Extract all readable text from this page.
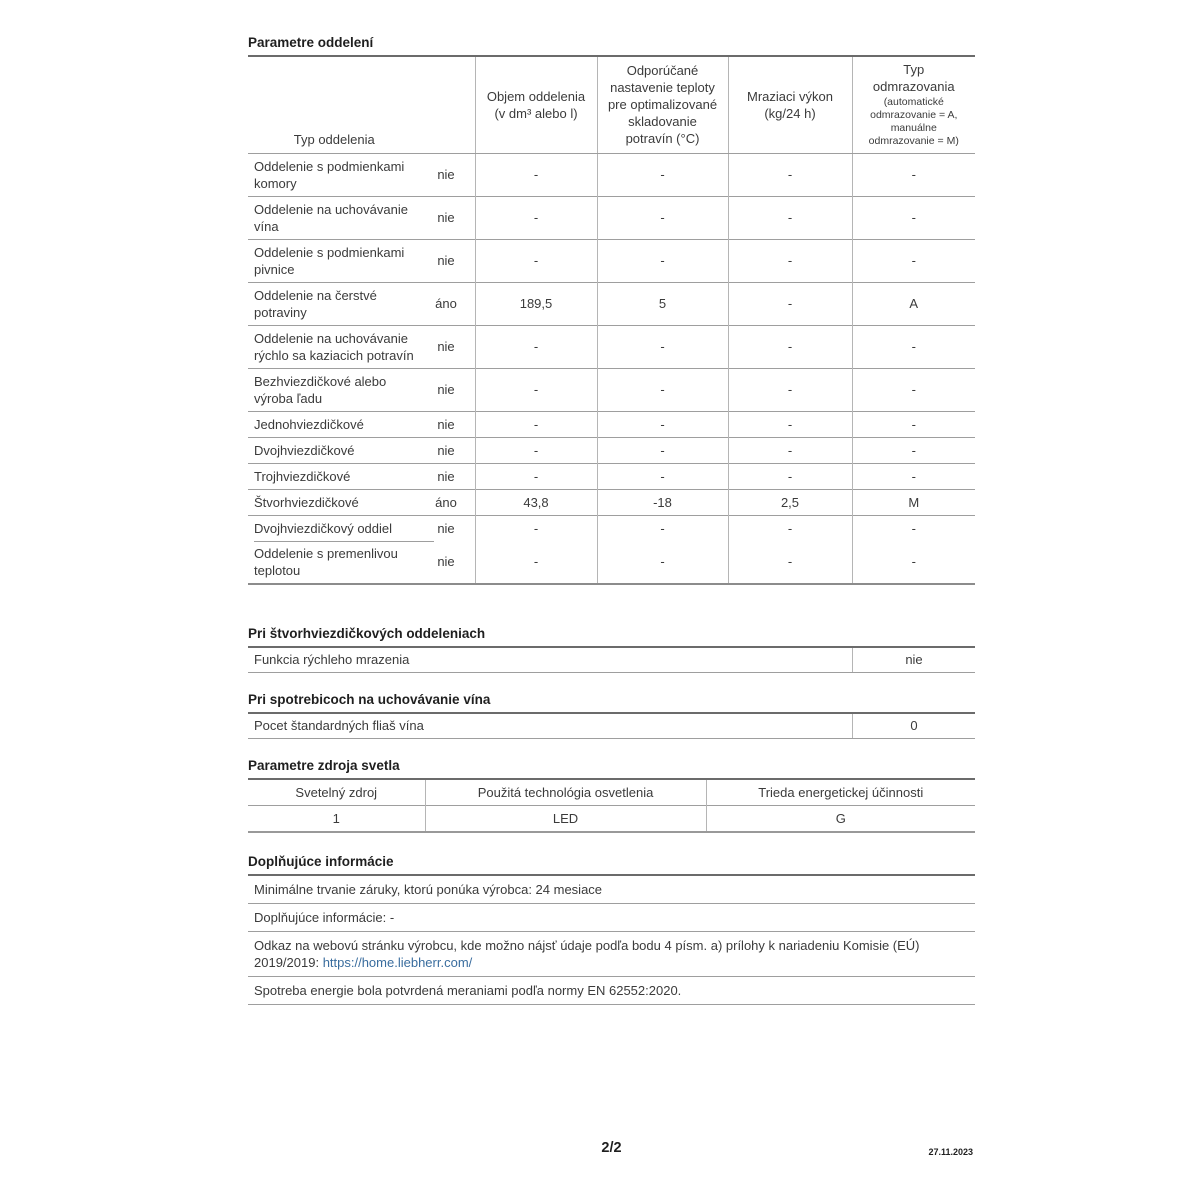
Parametre oddelení
Typ oddelenia	Objem oddelenia (v dm³ alebo l)	Odporúčané nastavenie teploty pre optimalizované skladovanie potravín (°C)	Mraziaci výkon (kg/24 h)	Typ odmrazovania
(automatické odmrazovanie = A, manuálne odmrazovanie = M)

Oddelenie s podmienkami komory
nie	-	-	-	-

Oddelenie na uchovávanie vína
nie	-	-	-	-

Oddelenie s podmienkami pivnice
nie	-	-	-	-

Oddelenie na čerstvé potraviny
áno	189,5	5	-	A

Oddelenie na uchovávanie rýchlo sa kaziacich potravín
nie	-	-	-	-

Bezhviezdičkové alebo výroba ľadu
nie	-	-	-	-

Jednohviezdičkové nie	-	-	-	-

Dvojhviezdičkové nie	-	-	-	-

Trojhviezdičkové nie	-	-	-	-

Štvorhviezdičkové áno	43,8	-18	2,5	M

Dvojhviezdičkový oddiel nie	-	-	-	-

Oddelenie s premenlivou teplotou
nie	-	-	-	-
Pri štvorhviezdičkových oddeleniach
Funkcia rýchleho mrazenia	nie
Pri spotrebicoch na uchovávanie vína
Pocet štandardných fliaš vína	0
Parametre zdroja svetla
Svetelný zdroj	Použitá technológia osvetlenia	Trieda energetickej účinnosti
1	LED	G
Doplňujúce informácie
Minimálne trvanie záruky, ktorú ponúka výrobca: 24 mesiace
Doplňujúce informácie: -
Odkaz na webovú stránku výrobcu, kde možno nájsť údaje podľa bodu 4 písm. a) prílohy k nariadeniu Komisie (EÚ) 2019/2019: https://home.liebherr.com/
Spotreba energie bola potvrdená meraniami podľa normy EN 62552:2020.
2/2	27.11.2023
